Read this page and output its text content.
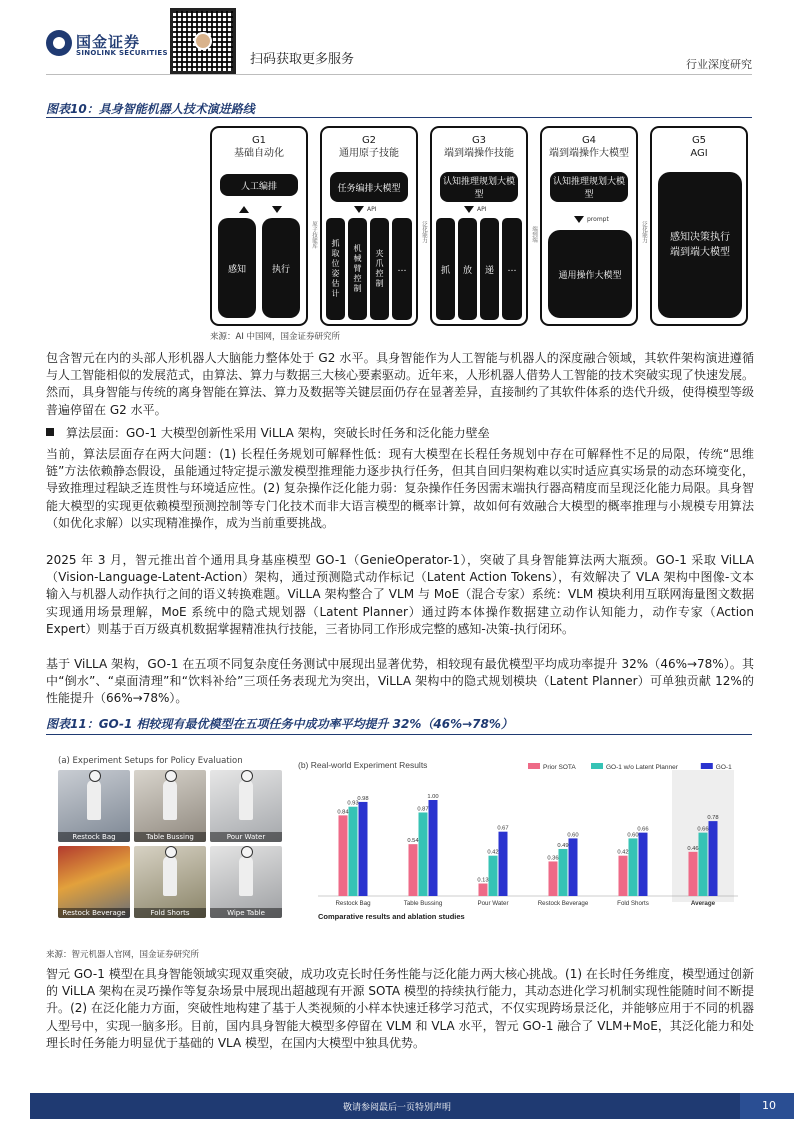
国金证券
SINOLINK SECURITIES	扫码获取更多服务	行业深度研究
图表10：具身智能机器人技术演进路线
G1
基础自动化
人工编排
感知	执行
原子技能库
G2
通用原子技能
任务编排大模型
API
抓取位姿估计	机械臂控制	夹爪控制	…
泛化能力
G3
端到端操作技能
认知推理规划大模型
API
抓	放	递	…
端到端
G4
端到端操作大模型
认知推理规划大模型
prompt
通用操作大模型
泛化能力
G5
AGI
感知决策执行端到端大模型
来源：AI 中国网，国金证券研究所
包含智元在内的头部人形机器人大脑能力整体处于 G2 水平。具身智能作为人工智能与机器人的深度融合领域，其软件架构演进遵循与人工智能相似的发展范式，由算法、算力与数据三大核心要素驱动。近年来，人形机器人借势人工智能的技术突破实现了快速发展。然而，具身智能与传统的离身智能在算法、算力及数据等关键层面仍存在显著差异，直接制约了其软件体系的迭代升级，使得模型等级普遍停留在 G2 水平。
算法层面：GO-1 大模型创新性采用 ViLLA 架构，突破长时任务和泛化能力壁垒
当前，算法层面存在两大问题：(1) 长程任务规划可解释性低：现有大模型在长程任务规划中存在可解释性不足的局限，传统“思维链”方法依赖静态假设，虽能通过特定提示激发模型推理能力逐步执行任务，但其自回归架构难以实时适应真实场景的动态环境变化，导致推理过程缺乏连贯性与环境适应性。(2) 复杂操作泛化能力弱：复杂操作任务因需末端执行器高精度而呈现泛化能力局限。具身智能大模型的实现更依赖模型预测控制等专门化技术而非大语言模型的概率计算，故如何有效融合大模型的概率推理与小规模专用算法（如优化求解）以实现精准操作，成为当前重要挑战。
2025 年 3 月，智元推出首个通用具身基座模型 GO-1（GenieOperator-1），突破了具身智能算法两大瓶颈。GO-1 采取 ViLLA（Vision-Language-Latent-Action）架构，通过预测隐式动作标记（Latent Action Tokens），有效解决了 VLA 架构中图像-文本输入与机器人动作执行之间的语义转换难题。ViLLA 架构整合了 VLM 与 MoE（混合专家）系统：VLM 模块利用互联网海量图文数据实现通用场景理解，MoE 系统中的隐式规划器（Latent Planner）通过跨本体操作数据建立动作认知能力，动作专家（Action Expert）则基于百万级真机数据掌握精准执行技能，三者协同工作形成完整的感知-决策-执行闭环。
基于 ViLLA 架构，GO-1 在五项不同复杂度任务测试中展现出显著优势，相较现有最优模型平均成功率提升 32%（46%→78%）。其中“倒水”、“桌面清理”和“饮料补给”三项任务表现尤为突出，ViLLA 架构中的隐式规划模块（Latent Planner）可单独贡献 12%的性能提升（66%→78%）。
图表11：GO-1 相较现有最优模型在五项任务中成功率平均提升 32%（46%→78%）
(a) Experiment Setups for Policy Evaluation
Restock Bag	Table Bussing	Pour Water
Restock Beverage	Fold Shorts	Wipe Table
(b) Real-world Experiment Results	Prior SOTA	GO-1 w/o Latent Planner	GO-1
0.84
0.93
0.98
Restock Bag
0.54
0.87
1.00
Table Bussing
0.13
0.42
0.67
Pour Water
0.36
0.49
0.60
Restock Beverage
0.42
0.60
0.66
Fold Shorts
0.46
0.66
0.78
Average
Comparative results and ablation studies
来源：智元机器人官网，国金证券研究所
智元 GO-1 模型在具身智能领域实现双重突破，成功攻克长时任务性能与泛化能力两大核心挑战。(1) 在长时任务维度，模型通过创新的 ViLLA 架构在灵巧操作等复杂场景中展现出超越现有开源 SOTA 模型的持续执行能力，其动态进化学习机制实现性能随时间不断提升。(2) 在泛化能力方面，突破性地构建了基于人类视频的小样本快速迁移学习范式，不仅实现跨场景泛化，并能够应用于不同的机器人型号中，实现一脑多形。目前，国内具身智能大模型多停留在 VLM 和 VLA 水平，智元 GO-1 融合了 VLM+MoE，其泛化能力和处理长时任务能力明显优于基础的 VLA 模型，在国内大模型中独具优势。
敬请参阅最后一页特别声明	10
